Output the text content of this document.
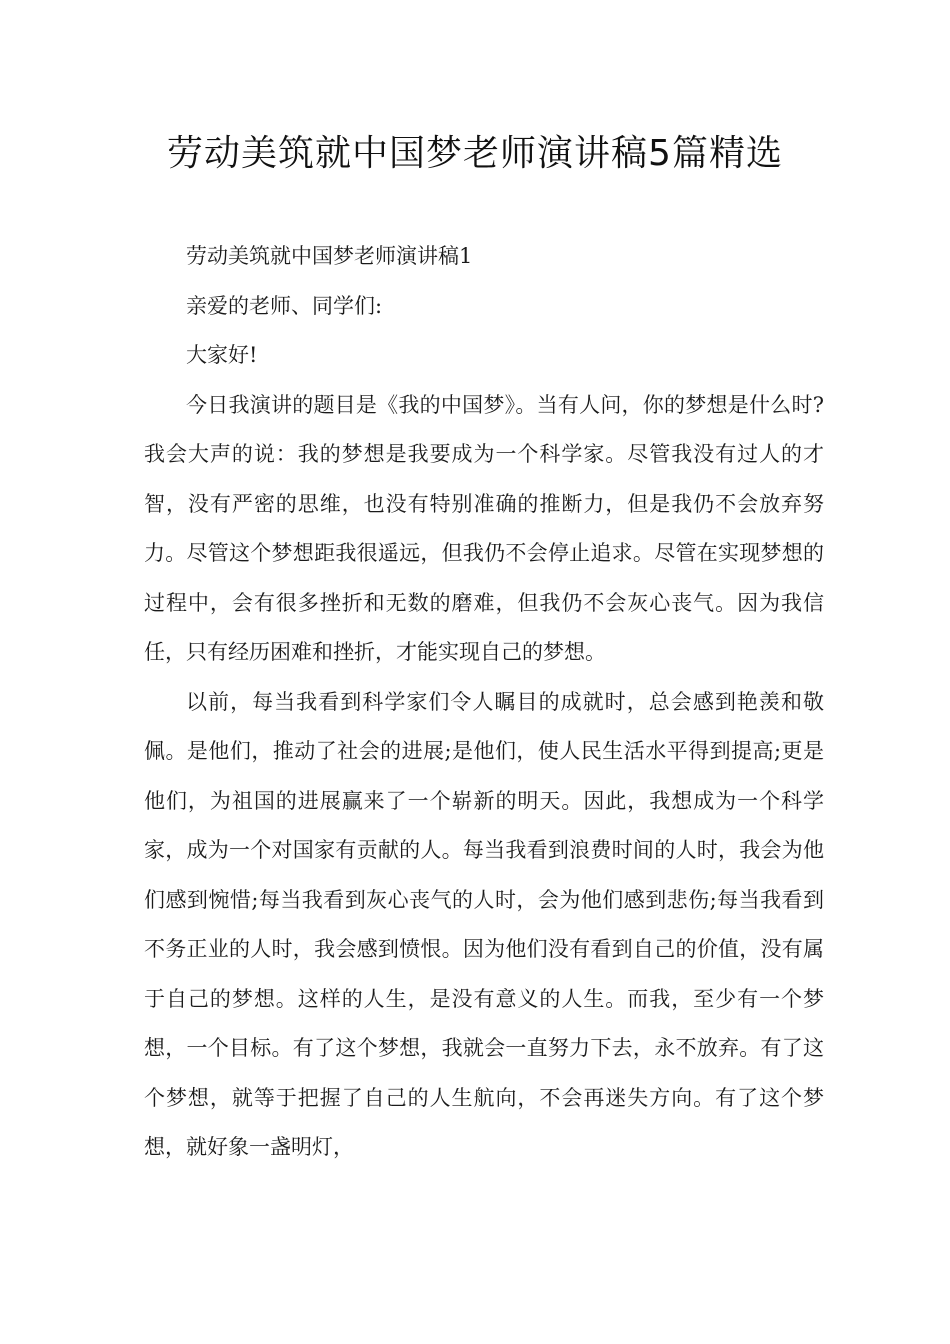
劳动美筑就中国梦老师演讲稿5篇精选

劳动美筑就中国梦老师演讲稿1

亲爱的老师、同学们:

大家好!

今日我演讲的题目是《我的中国梦》。当有人问，你的梦想是什么时?我会大声的说：我的梦想是我要成为一个科学家。尽管我没有过人的才智，没有严密的思维，也没有特别准确的推断力，但是我仍不会放弃努力。尽管这个梦想距我很遥远，但我仍不会停止追求。尽管在实现梦想的过程中，会有很多挫折和无数的磨难，但我仍不会灰心丧气。因为我信任，只有经历困难和挫折，才能实现自己的梦想。

以前，每当我看到科学家们令人瞩目的成就时，总会感到艳羡和敬佩。是他们，推动了社会的进展;是他们，使人民生活水平得到提高;更是他们，为祖国的进展赢来了一个崭新的明天。因此，我想成为一个科学家，成为一个对国家有贡献的人。每当我看到浪费时间的人时，我会为他们感到惋惜;每当我看到灰心丧气的人时，会为他们感到悲伤;每当我看到不务正业的人时，我会感到愤恨。因为他们没有看到自己的价值，没有属于自己的梦想。这样的人生，是没有意义的人生。而我，至少有一个梦想，一个目标。有了这个梦想，我就会一直努力下去，永不放弃。有了这个梦想，就等于把握了自己的人生航向，不会再迷失方向。有了这个梦想，就好象一盏明灯，
